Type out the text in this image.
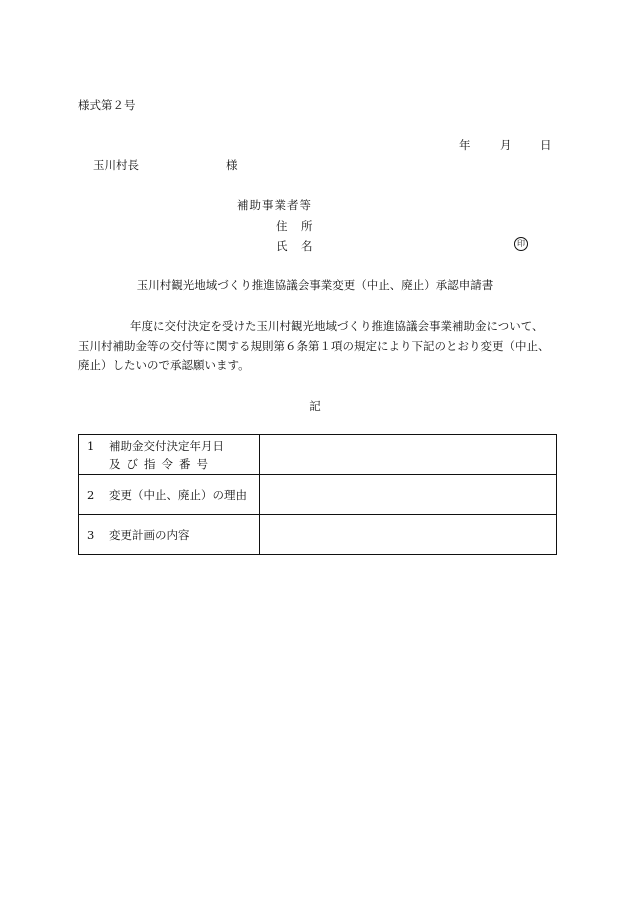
様式第２号
年	月 日
玉川村長	様
補助事業者等
住　所
氏　名	印
玉川村観光地域づくり推進協議会事業変更（中止、廃止）承認申請書
年度に交付決定を受けた玉川村観光地域づくり推進協議会事業補助金について、
玉川村補助金等の交付等に関する規則第６条第１項の規定により下記のとおり変更（中止、
廃止）したいので承認願います。
記
1 補助金交付決定年月日
及び指令番号	

2 変更（中止、廃止）の理由	
3 変更計画の内容	
